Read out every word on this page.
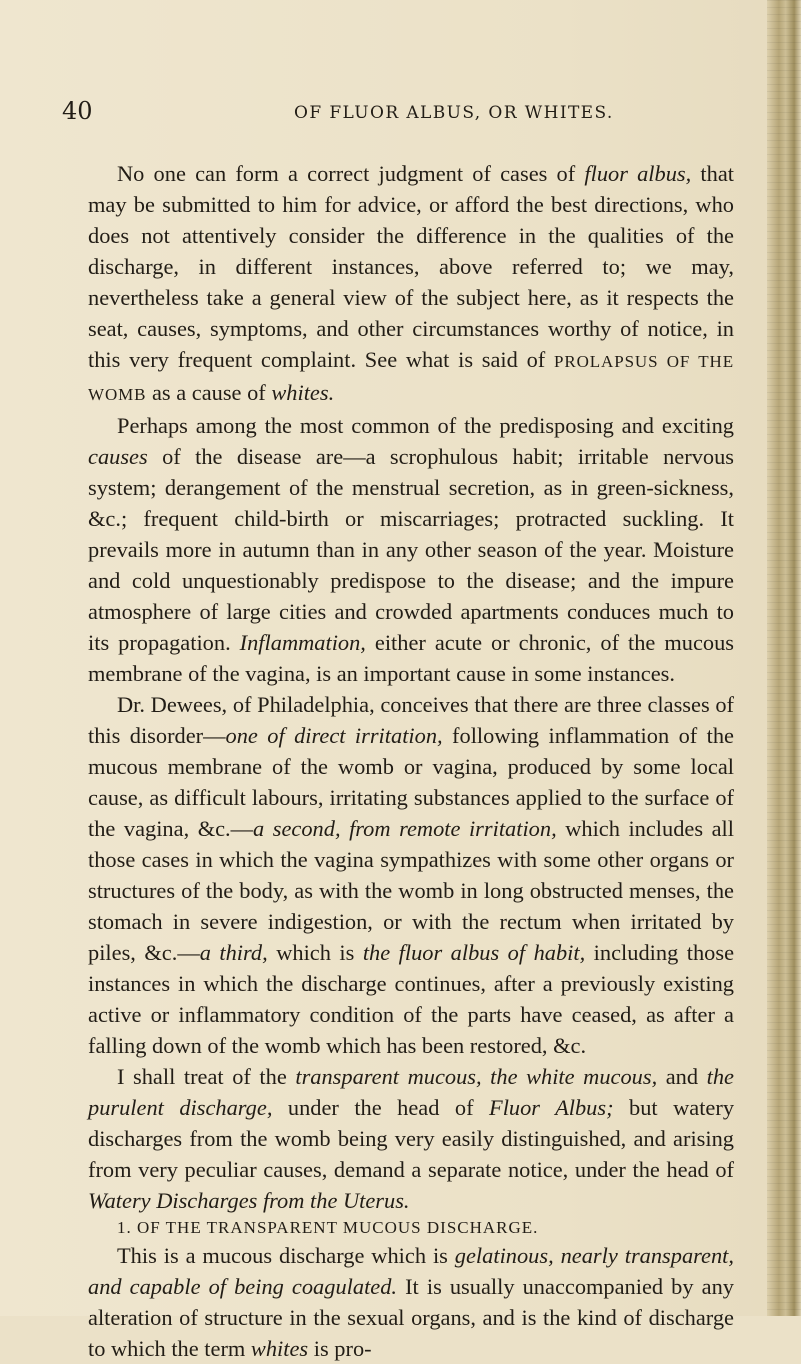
40	OF FLUOR ALBUS, OR WHITES.

No one can form a correct judgment of cases of fluor albus, that may be submitted to him for advice, or afford the best directions, who does not attentively consider the difference in the qualities of the discharge, in different instances, above referred to; we may, nevertheless take a general view of the subject here, as it respects the seat, causes, symptoms, and other circumstances worthy of notice, in this very frequent complaint. See what is said of PROLAPSUS OF THE WOMB as a cause of whites.

Perhaps among the most common of the predisposing and exciting causes of the disease are—a scrophulous habit; irritable nervous system; derangement of the menstrual secretion, as in green-sickness, &c.; frequent child-birth or miscarriages; protracted suckling. It prevails more in autumn than in any other season of the year. Moisture and cold unquestionably predispose to the disease; and the impure atmosphere of large cities and crowded apartments conduces much to its propagation. Inflammation, either acute or chronic, of the mucous membrane of the vagina, is an important cause in some instances.

Dr. Dewees, of Philadelphia, conceives that there are three classes of this disorder—one of direct irritation, following inflammation of the mucous membrane of the womb or vagina, produced by some local cause, as difficult labours, irritating substances applied to the surface of the vagina, &c.—a second, from remote irritation, which includes all those cases in which the vagina sympathizes with some other organs or structures of the body, as with the womb in long obstructed menses, the stomach in severe indigestion, or with the rectum when irritated by piles, &c.—a third, which is the fluor albus of habit, including those instances in which the discharge continues, after a previously existing active or inflammatory condition of the parts have ceased, as after a falling down of the womb which has been restored, &c.

I shall treat of the transparent mucous, the white mucous, and the purulent discharge, under the head of Fluor Albus; but watery discharges from the womb being very easily distinguished, and arising from very peculiar causes, demand a separate notice, under the head of Watery Discharges from the Uterus.

1. OF THE TRANSPARENT MUCOUS DISCHARGE.

This is a mucous discharge which is gelatinous, nearly transparent, and capable of being coagulated. It is usually unaccompanied by any alteration of structure in the sexual organs, and is the kind of discharge to which the term whites is pro-
